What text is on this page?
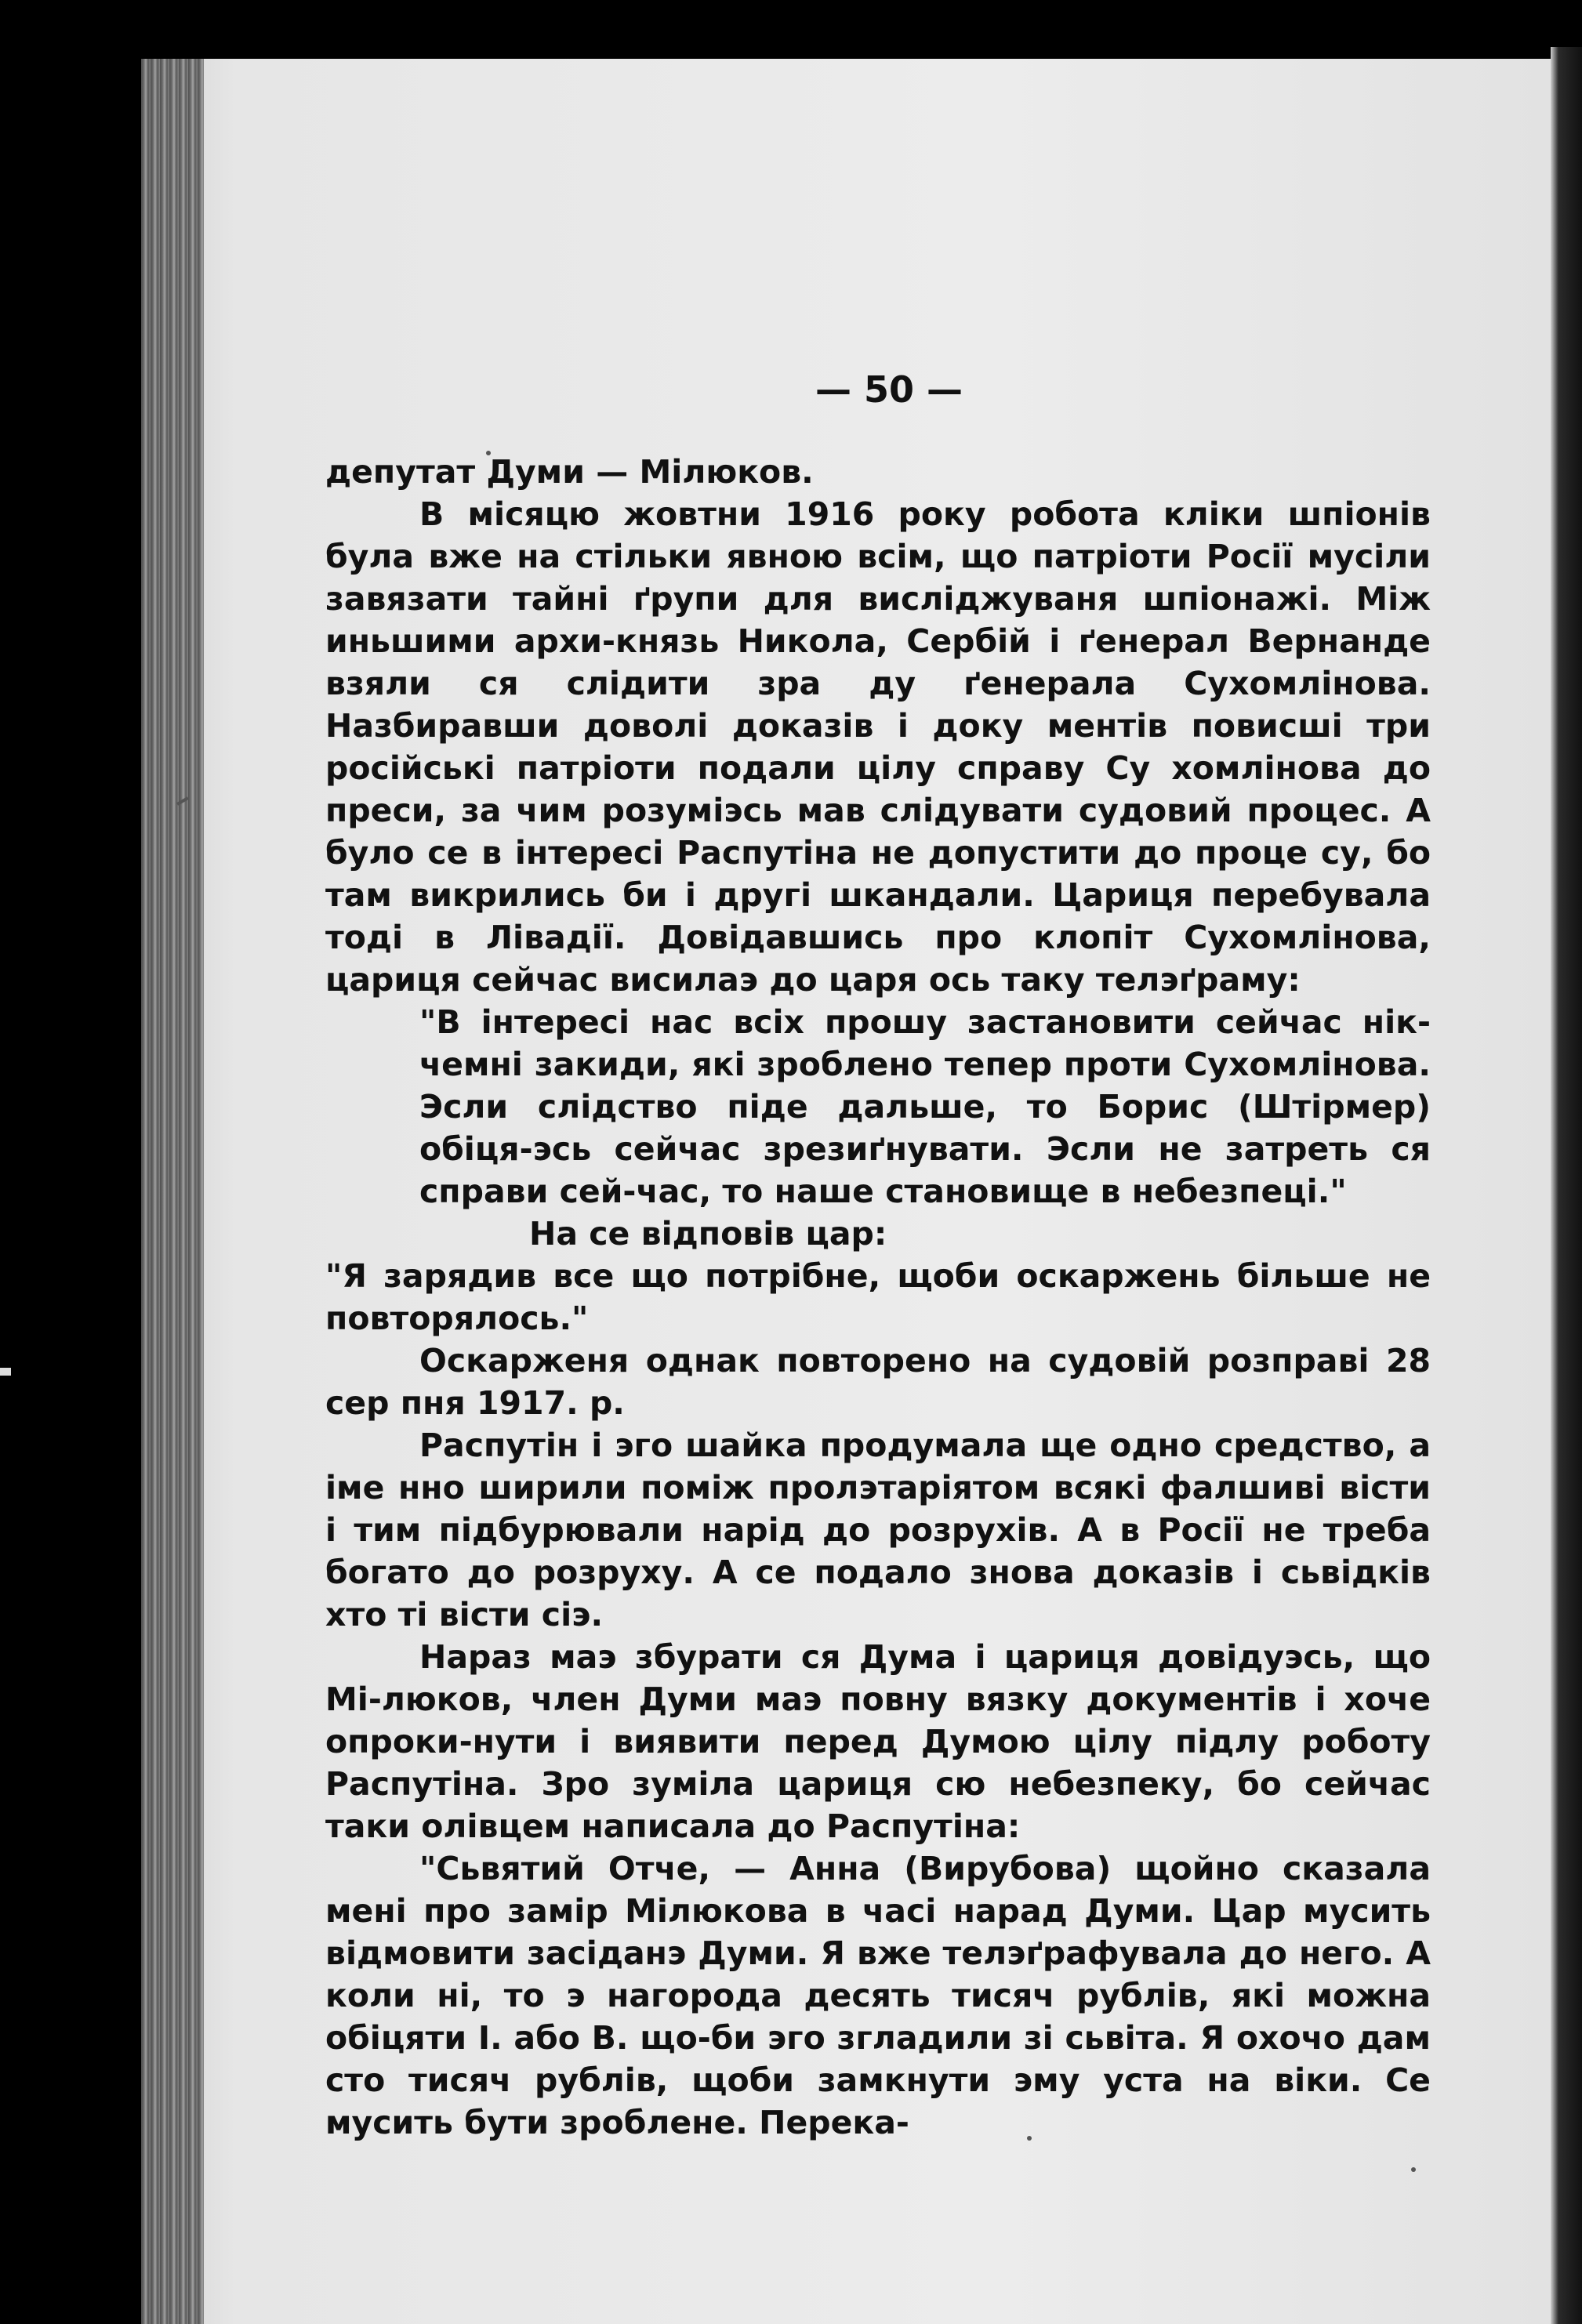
— 50 —

депутат Думи — Мілюков.

В місяцю жовтни 1916 року робота кліки шпіонів була вже на стільки явною всім, що патріоти Росії мусіли завязати тайні ґрупи для висліджуваня шпіонажі. Між иньшими архи-князь Никола, Сербій і ґенерал Вернанде взяли ся слідити зра ду ґенерала Сухомлінова. Назбиравши доволі доказів і доку ментів повисші три російські патріоти подали цілу справу Су хомлінова до преси, за чим розуміэсь мав слідувати судовий процес. А було се в інтересі Распутіна не допустити до проце су, бо там викрились би і другі шкандали. Цариця перебувала тоді в Лівадії. Довідавшись про клопіт Сухомлінова, цариця сейчас висилаэ до царя ось таку телэґраму:

"В інтересі нас всіх прошу застановити сейчас нік-чемні закиди, які зроблено тепер проти Сухомлінова. Эсли слідство піде дальше, то Борис (Штірмер) обіця-эсь сейчас зрезиґнувати. Эсли не затреть ся справи сей-час, то наше становище в небезпеці."

На се відповів цар:

"Я зарядив все що потрібне, щоби оскаржень більше не повторялось."

Оскарженя однак повторено на судовій розправі 28 сер пня 1917. р.

Распутін і эго шайка продумала ще одно средство, а іме нно ширили поміж пролэтаріятом всякі фалшиві вісти і тим підбурювали нарід до розрухів. А в Росії не треба богато до розруху. А се подало знова доказів і сьвідків хто ті вісти сіэ.

Нараз маэ збурати ся Дума і цариця довідуэсь, що Мі-люков, член Думи маэ повну вязку документів і хоче опроки-нути і виявити перед Думою цілу підлу роботу Распутіна. Зро зуміла цариця сю небезпеку, бо сейчас таки олівцем написала до Распутіна:

"Сьвятий Отче, — Анна (Вирубова) щойно сказала мені про замір Мілюкова в часі нарад Думи. Цар мусить відмовити засіданэ Думи. Я вже телэґрафувала до него. А коли ні, то э нагорода десять тисяч рублів, які можна обіцяти І. або В. що-би эго згладили зі сьвіта. Я охочо дам сто тисяч рублів, щоби замкнути эму уста на віки. Се мусить бути зроблене. Перека-
